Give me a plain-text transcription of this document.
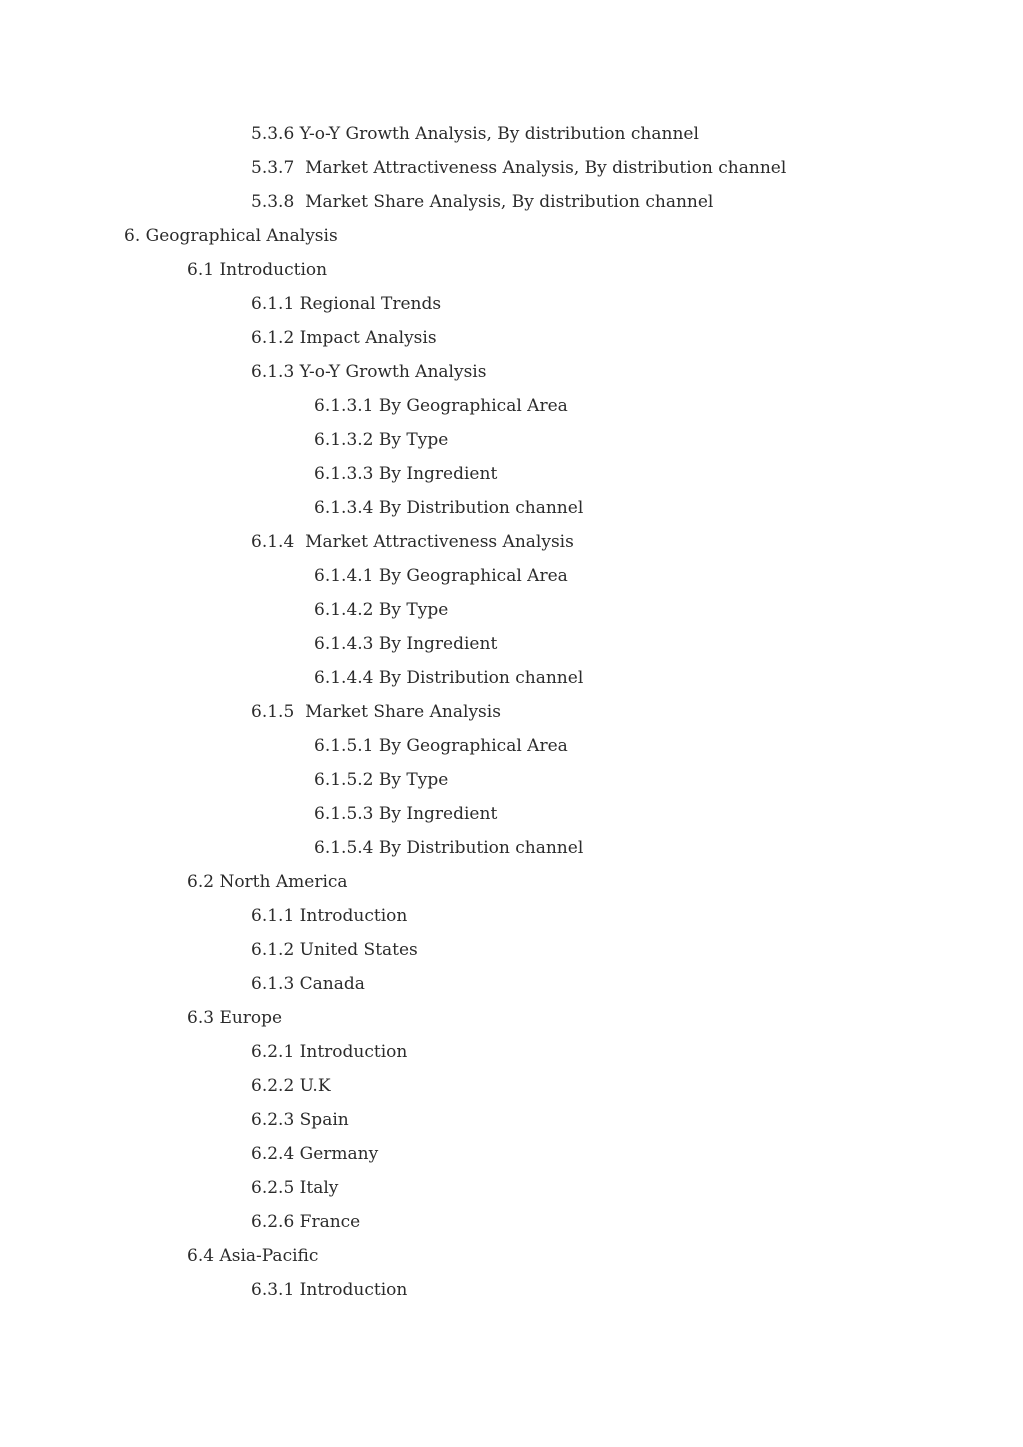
5.3.6 Y-o-Y Growth Analysis, By distribution channel
5.3.7  Market Attractiveness Analysis, By distribution channel
5.3.8  Market Share Analysis, By distribution channel
6. Geographical Analysis
6.1 Introduction
6.1.1 Regional Trends
6.1.2 Impact Analysis
6.1.3 Y-o-Y Growth Analysis
6.1.3.1 By Geographical Area
6.1.3.2 By Type
6.1.3.3 By Ingredient
6.1.3.4 By Distribution channel
6.1.4  Market Attractiveness Analysis
6.1.4.1 By Geographical Area
6.1.4.2 By Type
6.1.4.3 By Ingredient
6.1.4.4 By Distribution channel
6.1.5  Market Share Analysis
6.1.5.1 By Geographical Area
6.1.5.2 By Type
6.1.5.3 By Ingredient
6.1.5.4 By Distribution channel
6.2 North America
6.1.1 Introduction
6.1.2 United States
6.1.3 Canada
6.3 Europe
6.2.1 Introduction
6.2.2 U.K
6.2.3 Spain
6.2.4 Germany
6.2.5 Italy
6.2.6 France
6.4 Asia-Pacific
6.3.1 Introduction
